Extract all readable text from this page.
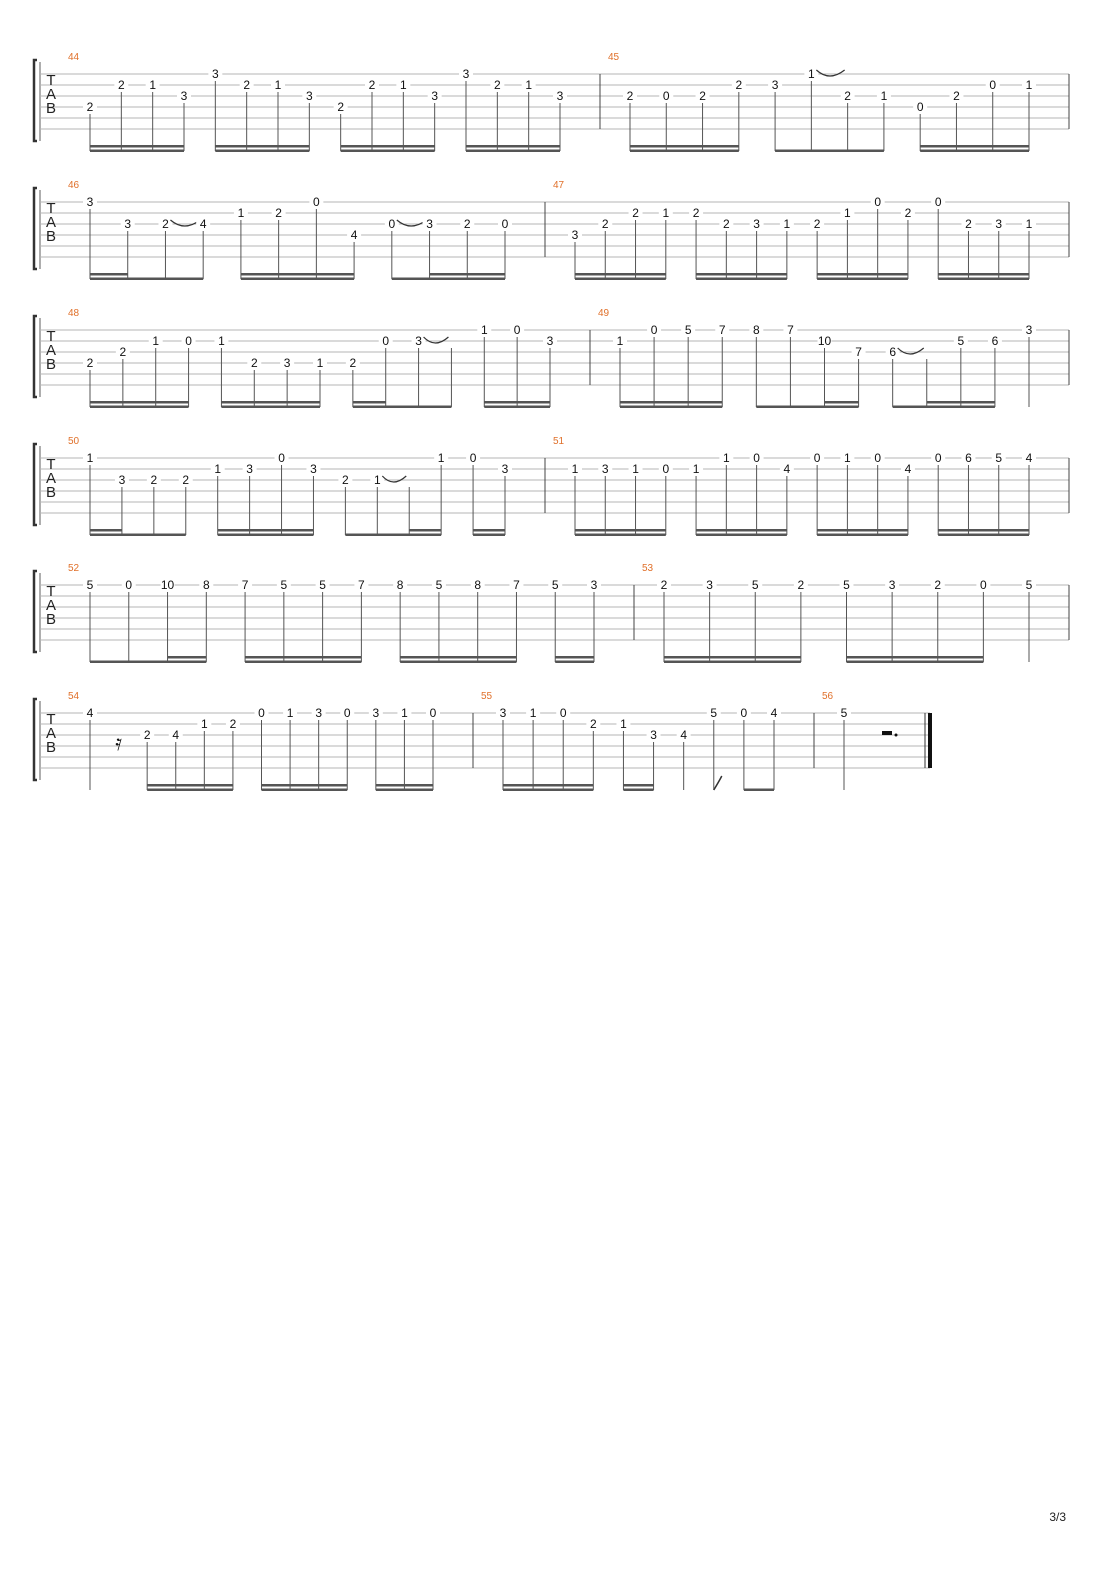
T
A
B
44
2
2 1
3
3
2 1
3
2
2 1
3
3
2 1
3
45
2 0 2
2 3
1
2 1
0
2
0 1
T
A
B
46
3
3	2	4
1	2
0
4
0	3	2	0
47
3
2
2 1 2
2 3 1 2
1
0
2
0
2 3 1
T
A
B
48
2
2
1 0 1
2 3 1 2
0 3
1 0
3
49
1
0 5 7 8 7
10
7 6
5 6
3
T
A
B
50
1
3 2 2
1 3
0
3
2 1
1 0
3
51
1 3 1 0 1
1 0
4
0 1 0
4
0 6 5 4
T
A
B
52
5	0 10 8	7	5	5	7	8	5	8	7	5	3
53
2	3	5	2	5	3	2	0	5
T
A
B
54
4
𝄿 2 4
1 2
0 1 3 0 3 1 0
55
3 1 0
2 1
3 4
5 0 4
56
5
3/3
